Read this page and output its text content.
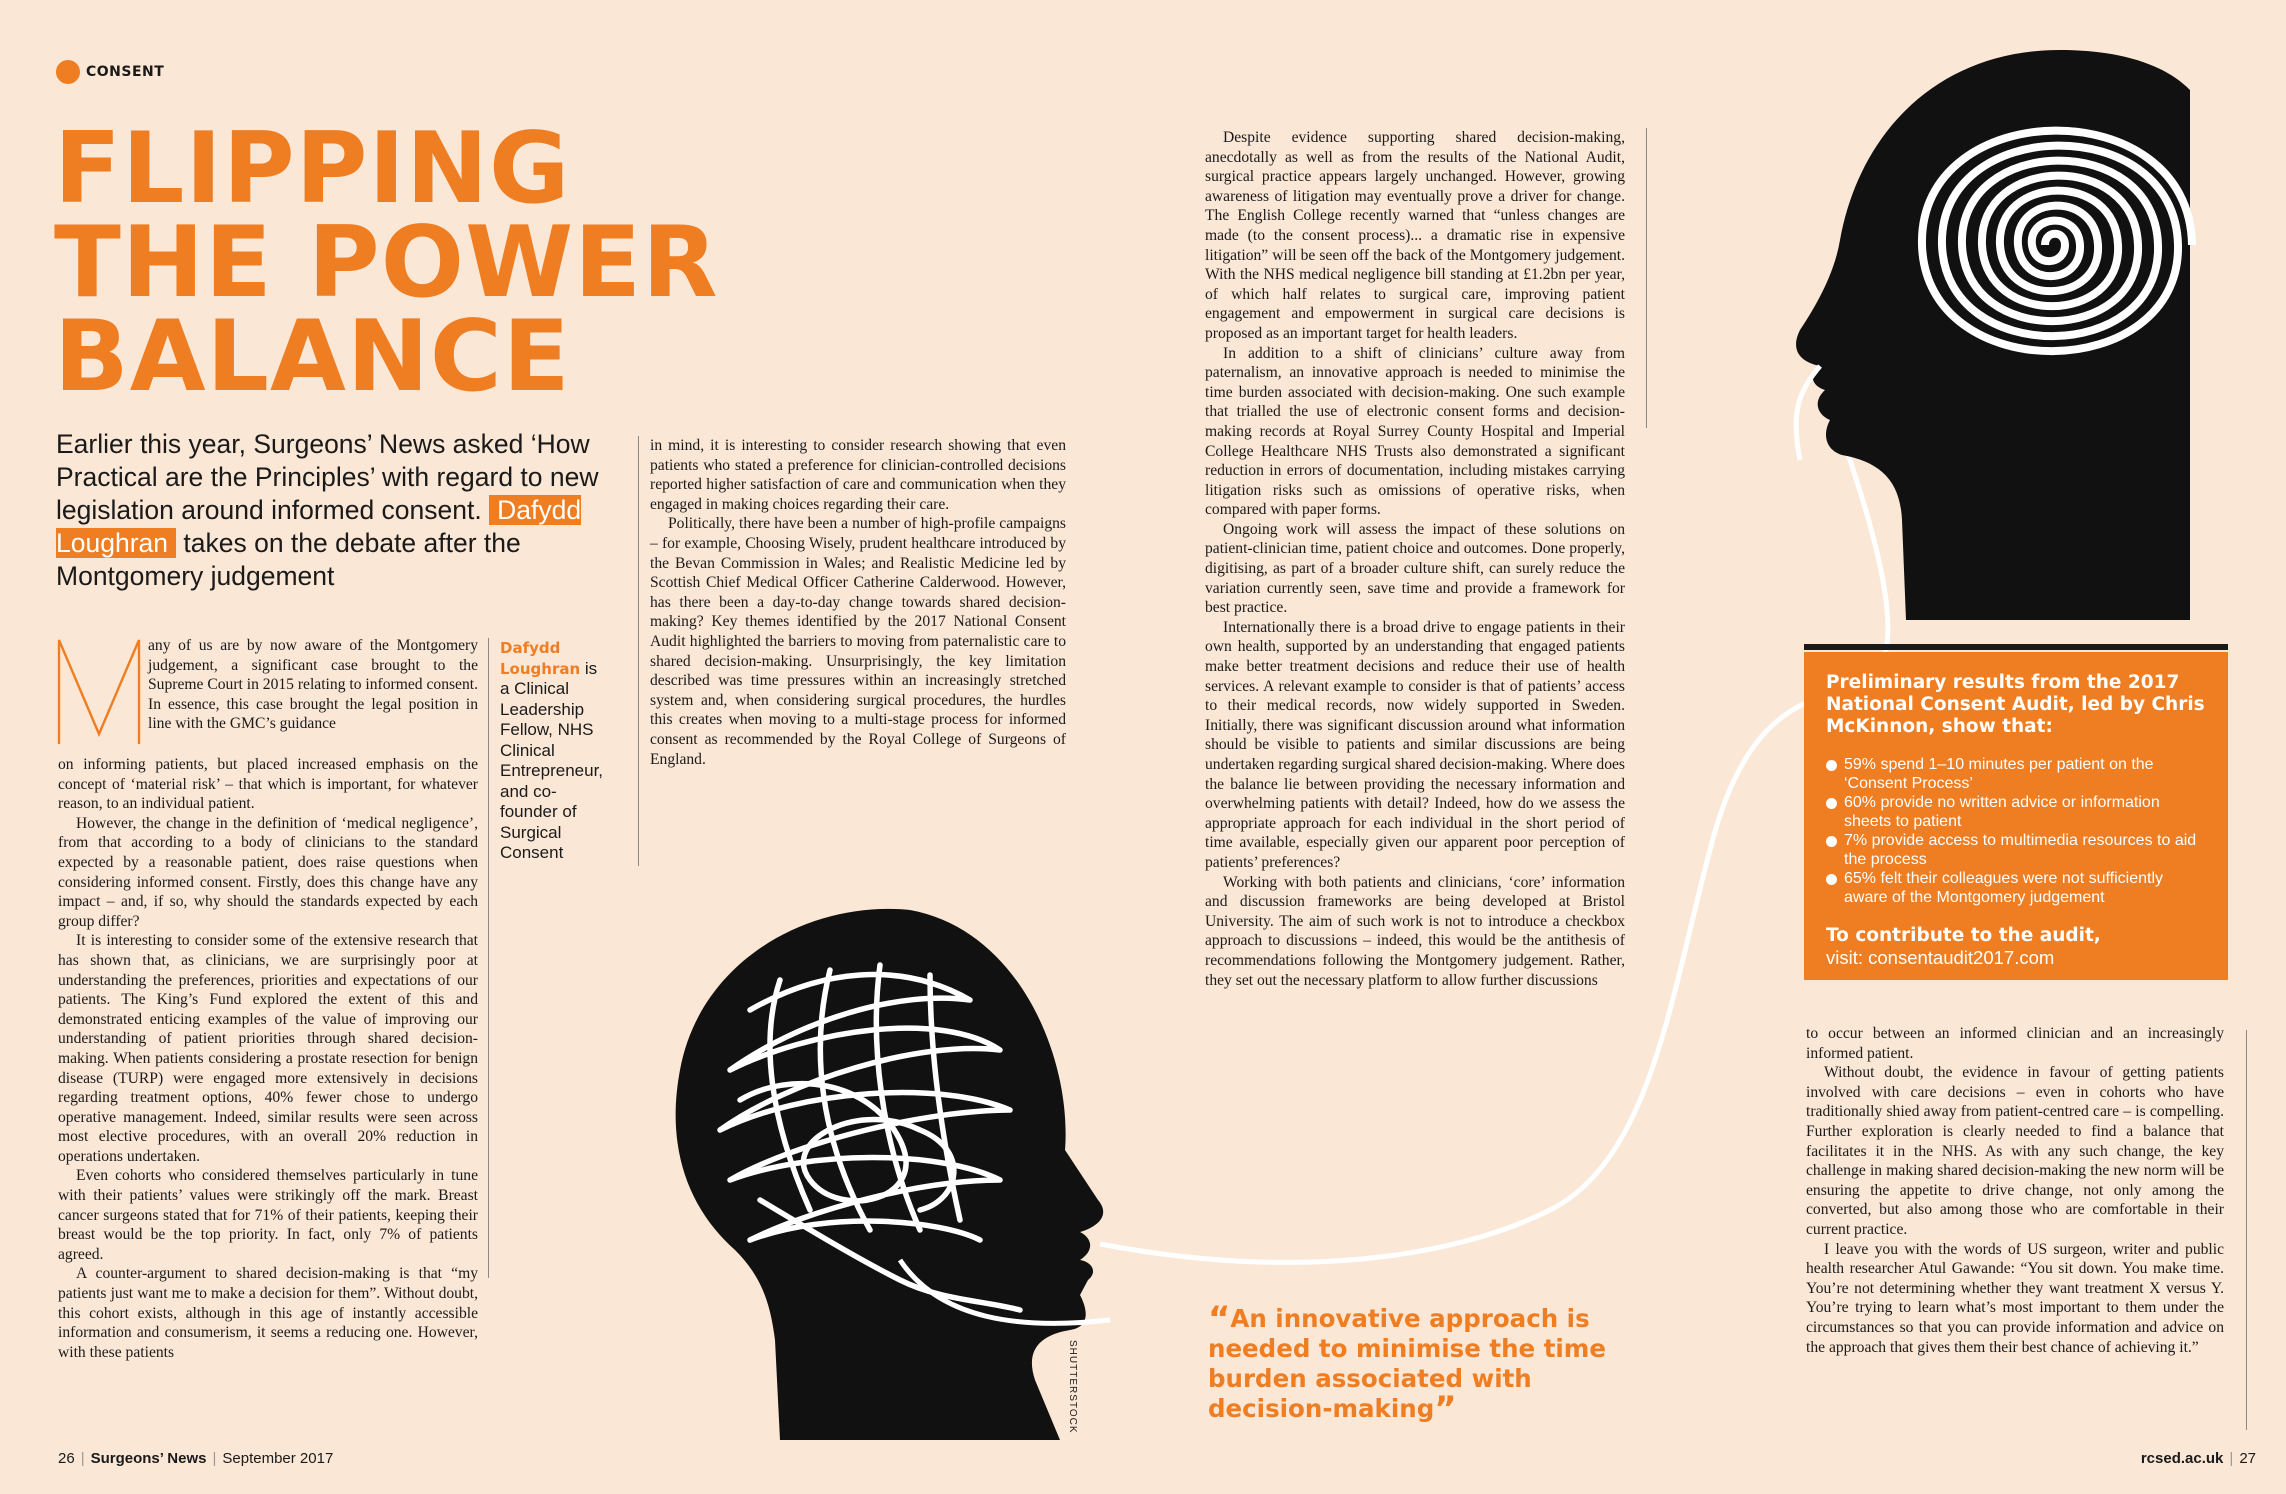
CONSENT
FLIPPING
THE POWER
BALANCE
Earlier this year, Surgeons’ News asked ‘How Practical are the Principles’ with regard to new legislation around informed consent. Dafydd Loughran takes on the debate after the Montgomery judgement

any of us are by now aware of the Montgomery judgement, a significant case brought to the Supreme Court in 2015 relating to informed consent. In essence, this case brought the legal position in line with the GMC’s guidance

on informing patients, but placed increased emphasis on the concept of ‘material risk’ – that which is important, for whatever reason, to an individual patient.

However, the change in the definition of ‘medical negligence’, from that according to a body of clinicians to the standard expected by a reasonable patient, does raise questions when considering informed consent. Firstly, does this change have any impact – and, if so, why should the standards expected by each group differ?

It is interesting to consider some of the extensive research that has shown that, as clinicians, we are surprisingly poor at understanding the preferences, priorities and expectations of our patients. The King’s Fund explored the extent of this and demonstrated enticing examples of the value of improving our understanding of patient priorities through shared decision-making. When patients considering a prostate resection for benign disease (TURP) were engaged more extensively in decisions regarding treatment options, 40% fewer chose to undergo operative management. Indeed, similar results were seen across most elective procedures, with an overall 20% reduction in operations undertaken.

Even cohorts who considered themselves particularly in tune with their patients’ values were strikingly off the mark. Breast cancer surgeons stated that for 71% of their patients, keeping their breast would be the top priority. In fact, only 7% of patients agreed.

A counter-argument to shared decision-making is that “my patients just want me to make a decision for them”. Without doubt, this cohort exists, although in this age of instantly accessible information and consumerism, it seems a reducing one. However, with these patients

Dafydd Loughran is a Clinical Leadership Fellow, NHS Clinical Entrepreneur, and co-founder of Surgical Consent

in mind, it is interesting to consider research showing that even patients who stated a preference for clinician-controlled decisions reported higher satisfaction of care and communication when they engaged in making choices regarding their care.

Politically, there have been a number of high-profile campaigns – for example, Choosing Wisely, prudent healthcare introduced by the Bevan Commission in Wales; and Realistic Medicine led by Scottish Chief Medical Officer Catherine Calderwood. However, has there been a day-to-day change towards shared decision-making? Key themes identified by the 2017 National Consent Audit highlighted the barriers to moving from paternalistic care to shared decision-making. Unsurprisingly, the key limitation described was time pressures within an increasingly stretched system and, when considering surgical procedures, the hurdles this creates when moving to a multi-stage process for informed consent as recommended by the Royal College of Surgeons of England.

Despite evidence supporting shared decision-making, anecdotally as well as from the results of the National Audit, surgical practice appears largely unchanged. However, growing awareness of litigation may eventually prove a driver for change. The English College recently warned that “unless changes are made (to the consent process)... a dramatic rise in expensive litigation” will be seen off the back of the Montgomery judgement. With the NHS medical negligence bill standing at £1.2bn per year, of which half relates to surgical care, improving patient engagement and empowerment in surgical care decisions is proposed as an important target for health leaders.

In addition to a shift of clinicians’ culture away from paternalism, an innovative approach is needed to minimise the time burden associated with decision-making. One such example that trialled the use of electronic consent forms and decision-making records at Royal Surrey County Hospital and Imperial College Healthcare NHS Trusts also demonstrated a significant reduction in errors of documentation, including mistakes carrying litigation risks such as omissions of operative risks, when compared with paper forms.

Ongoing work will assess the impact of these solutions on patient-clinician time, patient choice and outcomes. Done properly, digitising, as part of a broader culture shift, can surely reduce the variation currently seen, save time and provide a framework for best practice.

Internationally there is a broad drive to engage patients in their own health, supported by an understanding that engaged patients make better treatment decisions and reduce their use of health services. A relevant example to consider is that of patients’ access to their medical records, now widely supported in Sweden. Initially, there was significant discussion around what information should be visible to patients and similar discussions are being undertaken regarding surgical shared decision-making. Where does the balance lie between providing the necessary information and overwhelming patients with detail? Indeed, how do we assess the appropriate approach for each individual in the short period of time available, especially given our apparent poor perception of patients’ preferences?

Working with both patients and clinicians, ‘core’ information and discussion frameworks are being developed at Bristol University. The aim of such work is not to introduce a checkbox approach to discussions – indeed, this would be the antithesis of recommendations following the Montgomery judgement. Rather, they set out the necessary platform to allow further discussions

Preliminary results from the 2017 National Consent Audit, led by Chris McKinnon, show that:
59% spend 1–10 minutes per patient on the ‘Consent Process’
60% provide no written advice or information sheets to patient
7% provide access to multimedia resources to aid the process
65% felt their colleagues were not sufficiently aware of the Montgomery judgement
To contribute to the audit,
visit: consentaudit2017.com

to occur between an informed clinician and an increasingly informed patient.

Without doubt, the evidence in favour of getting patients involved with care decisions – even in cohorts who have traditionally shied away from patient-centred care – is compelling. Further exploration is clearly needed to find a balance that facilitates it in the NHS. As with any such change, the key challenge in making shared decision-making the new norm will be ensuring the appetite to drive change, not only among the converted, but also among those who are comfortable in their current practice.

I leave you with the words of US surgeon, writer and public health researcher Atul Gawande: “You sit down. You make time. You’re not determining whether they want treatment X versus Y. You’re trying to learn what’s most important to them under the circumstances so that you can provide information and advice on the approach that gives them their best chance of achieving it.”

“An innovative approach is needed to minimise the time burden associated with decision-making”
SHUTTERSTOCK
26 | Surgeons’ News | September 2017	rcsed.ac.uk | 27
